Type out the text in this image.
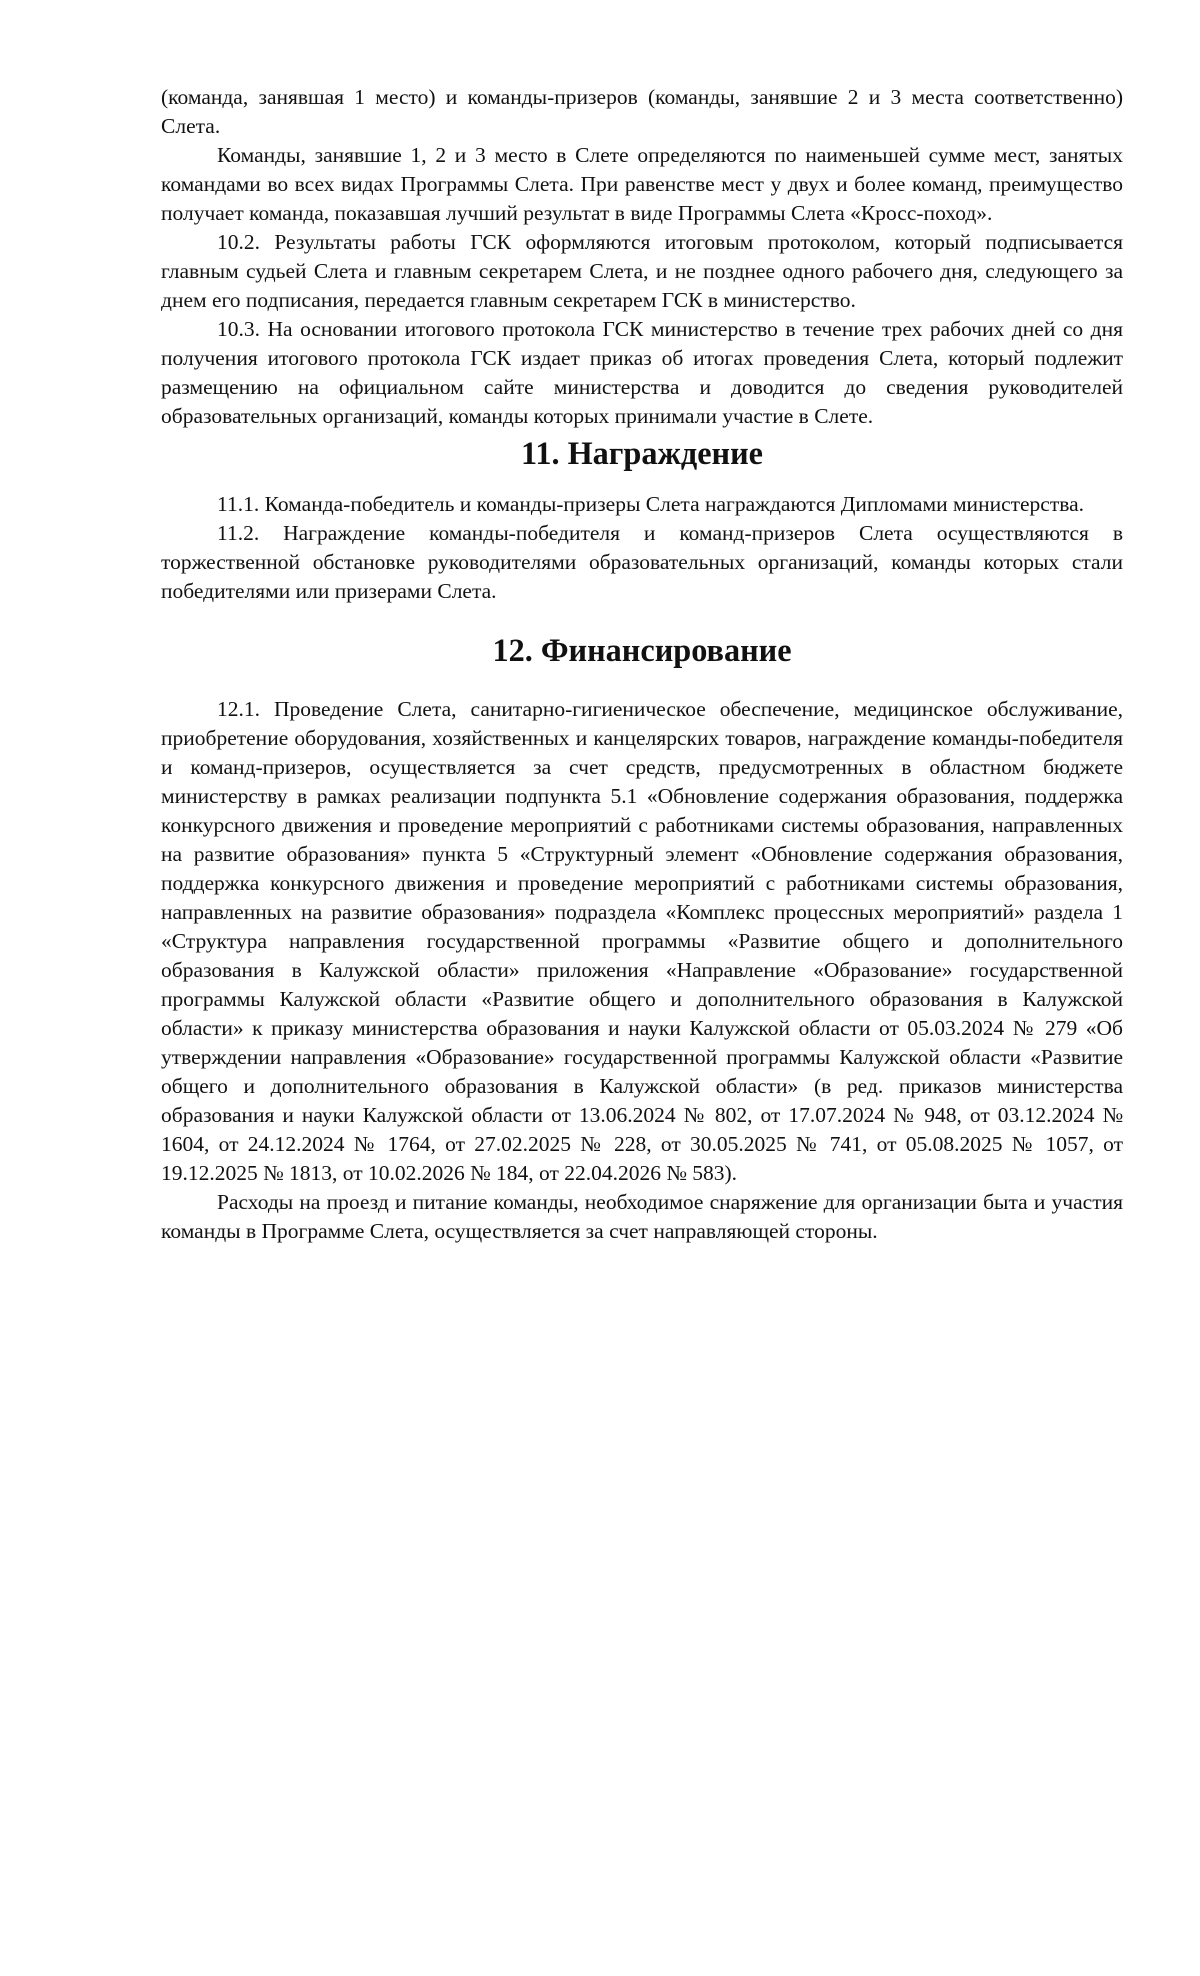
(команда, занявшая 1 место) и команды-призеров (команды, занявшие 2 и 3 места соответственно) Слета.

Команды, занявшие 1, 2 и 3 место в Слете определяются по наименьшей сумме мест, занятых командами во всех видах Программы Слета. При равенстве мест у двух и более команд, преимущество получает команда, показавшая лучший результат в виде Программы Слета «Кросс-поход».

10.2. Результаты работы ГСК оформляются итоговым протоколом, который подписывается главным судьей Слета и главным секретарем Слета, и не позднее одного рабочего дня, следующего за днем его подписания, передается главным секретарем ГСК в министерство.

10.3. На основании итогового протокола ГСК министерство в течение трех рабочих дней со дня получения итогового протокола ГСК издает приказ об итогах проведения Слета, который подлежит размещению на официальном сайте министерства и доводится до сведения руководителей образовательных организаций, команды которых принимали участие в Слете.

11. Награждение

11.1. Команда-победитель и команды-призеры Слета награждаются Дипломами министерства.

11.2. Награждение команды-победителя и команд-призеров Слета осуществляются в торжественной обстановке руководителями образовательных организаций, команды которых стали победителями или призерами Слета.

12. Финансирование

12.1. Проведение Слета, санитарно-гигиеническое обеспечение, медицинское обслуживание, приобретение оборудования, хозяйственных и канцелярских товаров, награждение команды-победителя и команд-призеров, осуществляется за счет средств, предусмотренных в областном бюджете министерству в рамках реализации подпункта 5.1 «Обновление содержания образования, поддержка конкурсного движения и проведение мероприятий с работниками системы образования, направленных на развитие образования» пункта 5 «Структурный элемент «Обновление содержания образования, поддержка конкурсного движения и проведение мероприятий с работниками системы образования, направленных на развитие образования» подраздела «Комплекс процессных мероприятий» раздела 1 «Структура направления государственной программы «Развитие общего и дополнительного образования в Калужской области» приложения «Направление «Образование» государственной программы Калужской области «Развитие общего и дополнительного образования в Калужской области» к приказу министерства образования и науки Калужской области от 05.03.2024 № 279 «Об утверждении направления «Образование» государственной программы Калужской области «Развитие общего и дополнительного образования в Калужской области» (в ред. приказов министерства образования и науки Калужской области от 13.06.2024 № 802, от 17.07.2024 № 948, от 03.12.2024 № 1604, от 24.12.2024 № 1764, от 27.02.2025 № 228, от 30.05.2025 № 741, от 05.08.2025 № 1057, от 19.12.2025 № 1813, от 10.02.2026 № 184, от 22.04.2026 № 583).

Расходы на проезд и питание команды, необходимое снаряжение для организации быта и участия команды в Программе Слета, осуществляется за счет направляющей стороны.
